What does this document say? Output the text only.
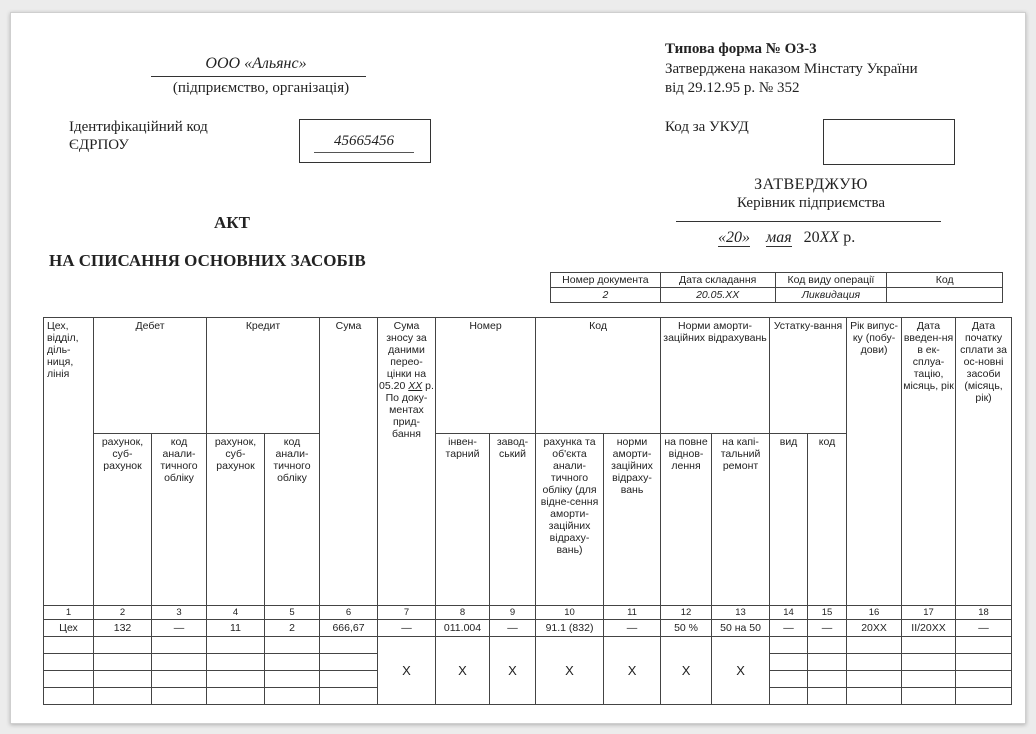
ООО «Альянс»
(підприємство, організація)
Ідентифікаційний код
ЄДРПОУ	45665456
Типова форма № ОЗ-3
Затверджена наказом Мінстату України
від 29.12.95 р. № 352
Код за УКУД
ЗАТВЕРДЖУЮ
Керівник підприємства
«20» мая 20XX р.
АКТ
НА СПИСАННЯ ОСНОВНИХ ЗАСОБІВ
Номер документа	Дата складання	Код виду операції	Код
2	20.05.XX	Ликвидация	
Цех, відділ, діль-ниця, лінія	Дебет		Кредит		Сума	Сума зносу за даними перео-цінки на 05.20 ХХ р. По доку-ментах прид-бання	Номер		Код		Норми аморти-заційних відрахувань		Устатку-вання		Рік випус-ку (побу-дови)	Дата введен-ня в ек-сплуа-тацію, місяць, рік	Дата початку сплати за ос-новні засоби (місяць, рік)
	рахунок, суб-рахунок	код анали-тичного обліку	рахунок, суб-рахунок	код анали-тичного обліку			інвен-тарний	завод-ський	рахунка та об'єкта анали-тичного обліку (для відне-сення аморти-заційних відраху-вань)	норми аморти-заційних відраху-вань	на повне віднов-лення	на капі-тальний ремонт	вид	код			
1	2	3	4	5	6	7	8	9	10	11	12	13	14	15	16	17	18
Цех	132	—	11	2	666,67	—	011.004	—	91.1 (832)	—	50 %	50 на 50	—	—	20XX	II/20XX	—
						X	X	X	X	X	X	X					
